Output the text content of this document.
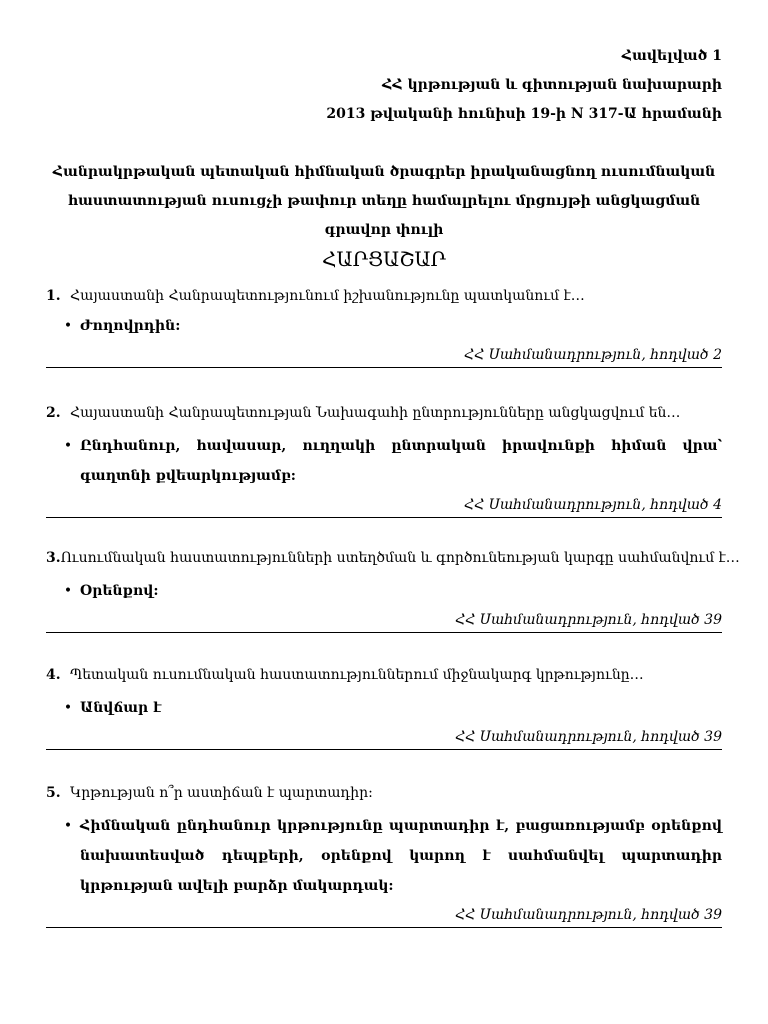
Հավելված 1
ՀՀ կրթության և գիտության նախարարի
2013 թվականի հունիսի 19-ի N 317-Ա հրամանի
Հանրակրթական պետական հիմնական ծրագրեր իրականացնող ուսումնական
հաստատության ուսուցչի թափուր տեղը համալրելու մրցույթի անցկացման գրավոր փուլի
ՀԱՐՑԱՇԱՐ
1. Հայաստանի Հանրապետությունում իշխանությունը պատկանում է…
• Ժողովրդին:
ՀՀ Սահմանադրություն, հոդված 2
2. Հայաստանի Հանրապետության Նախագահի ընտրությունները անցկացվում են…
• Ընդհանուր, հավասար, ուղղակի ընտրական իրավունքի հիման վրա՝ գաղտնի քվեարկությամբ:
ՀՀ Սահմանադրություն, հոդված 4
3. Ուսումնական հաստատությունների ստեղծման և գործունեության կարգը սահմանվում է…
• Օրենքով:
ՀՀ Սահմանադրություն, հոդված 39
4. Պետական ուսումնական հաստատություններում միջնակարգ կրթությունը…
• Անվճար է
ՀՀ Սահմանադրություն, հոդված 39
5. Կրթության ո՞ր աստիճան է պարտադիր:
• Հիմնական ընդհանուր կրթությունը պարտադիր է, բացառությամբ օրենքով նախատեսված դեպքերի, օրենքով կարող է սահմանվել պարտադիր կրթության ավելի բարձր մակարդակ:
ՀՀ Սահմանադրություն, հոդված 39
